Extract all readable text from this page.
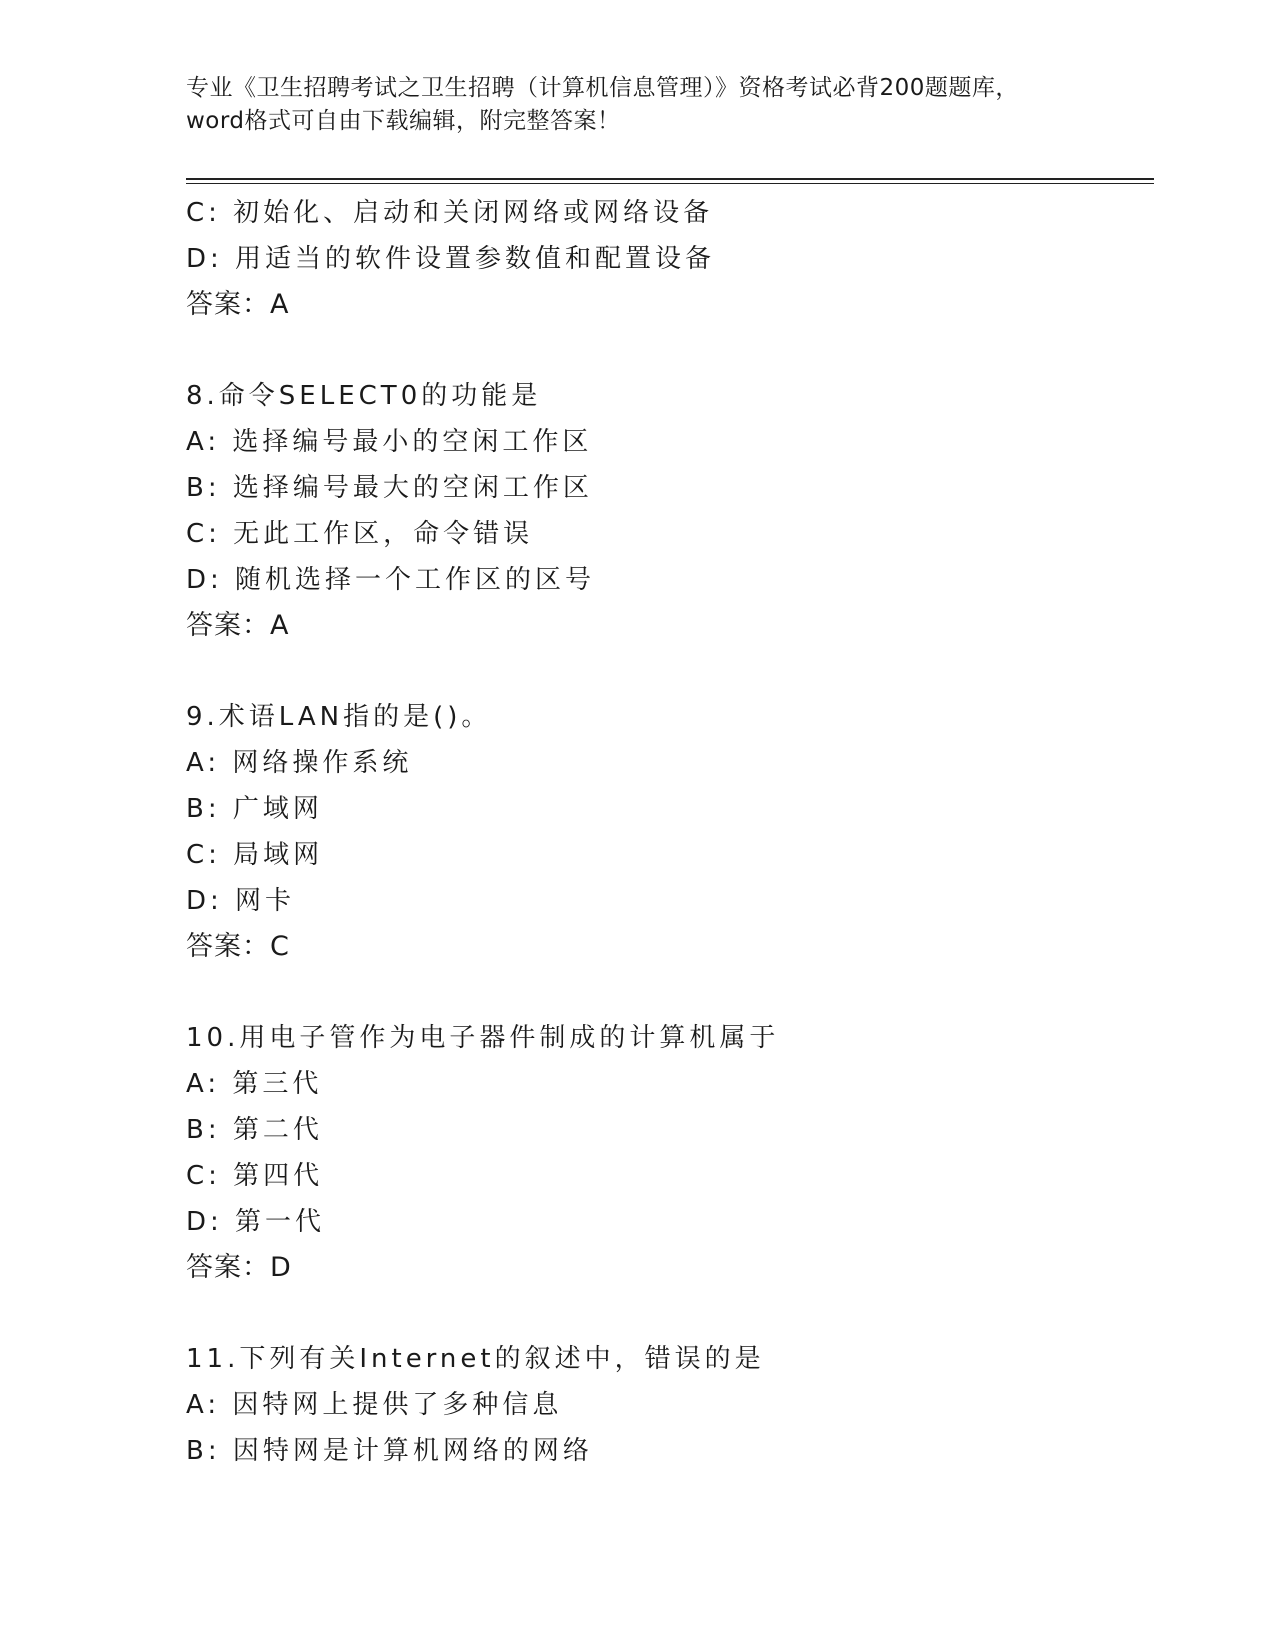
专业《卫生招聘考试之卫生招聘（计算机信息管理）》资格考试必背200题题库，
word格式可自由下载编辑，附完整答案！
C: 初始化、启动和关闭网络或网络设备
D: 用适当的软件设置参数值和配置设备
答案：A
8.命令SELECT0的功能是
A: 选择编号最小的空闲工作区
B: 选择编号最大的空闲工作区
C: 无此工作区，命令错误
D: 随机选择一个工作区的区号
答案：A
9.术语LAN指的是()。
A: 网络操作系统
B: 广域网
C: 局域网
D: 网卡
答案：C
10.用电子管作为电子器件制成的计算机属于
A: 第三代
B: 第二代
C: 第四代
D: 第一代
答案：D
11.下列有关Internet的叙述中，错误的是
A: 因特网上提供了多种信息
B: 因特网是计算机网络的网络
